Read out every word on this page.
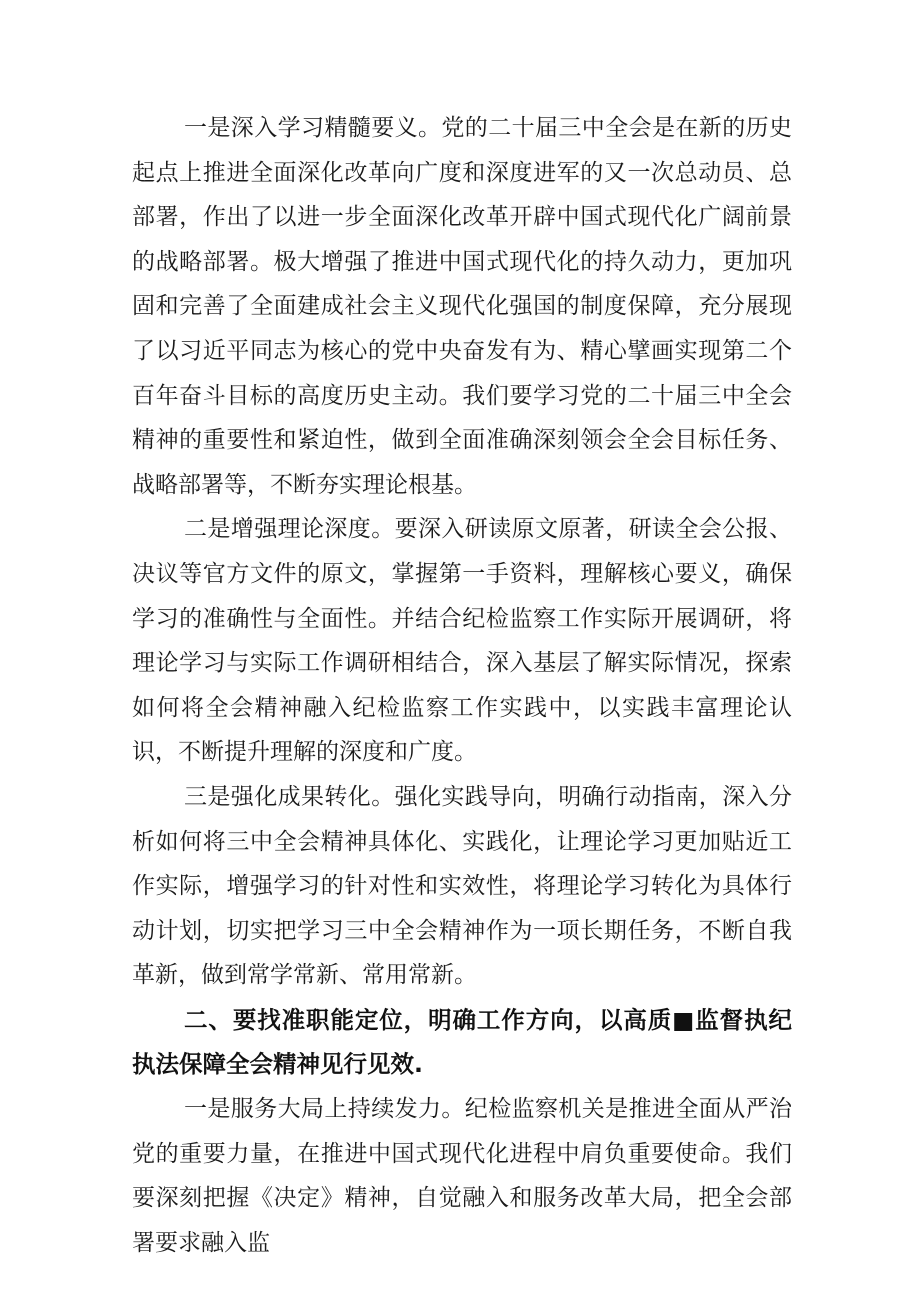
一是深入学习精髓要义。党的二十届三中全会是在新的历史起点上推进全面深化改革向广度和深度进军的又一次总动员、总部署，作出了以进一步全面深化改革开辟中国式现代化广阔前景的战略部署。极大增强了推进中国式现代化的持久动力，更加巩固和完善了全面建成社会主义现代化强国的制度保障，充分展现了以习近平同志为核心的党中央奋发有为、精心擘画实现第二个百年奋斗目标的高度历史主动。我们要学习党的二十届三中全会精神的重要性和紧迫性，做到全面准确深刻领会全会目标任务、战略部署等，不断夯实理论根基。

二是增强理论深度。要深入研读原文原著，研读全会公报、决议等官方文件的原文，掌握第一手资料，理解核心要义，确保学习的准确性与全面性。并结合纪检监察工作实际开展调研，将理论学习与实际工作调研相结合，深入基层了解实际情况，探索如何将全会精神融入纪检监察工作实践中，以实践丰富理论认识，不断提升理解的深度和广度。

三是强化成果转化。强化实践导向，明确行动指南，深入分析如何将三中全会精神具体化、实践化，让理论学习更加贴近工作实际，增强学习的针对性和实效性，将理论学习转化为具体行动计划，切实把学习三中全会精神作为一项长期任务，不断自我革新，做到常学常新、常用常新。

二、要找准职能定位，明确工作方向，以高质■监督执纪执法保障全会精神见行见效.

一是服务大局上持续发力。纪检监察机关是推进全面从严治党的重要力量，在推进中国式现代化进程中肩负重要使命。我们要深刻把握《决定》精神，自觉融入和服务改革大局，把全会部署要求融入监
